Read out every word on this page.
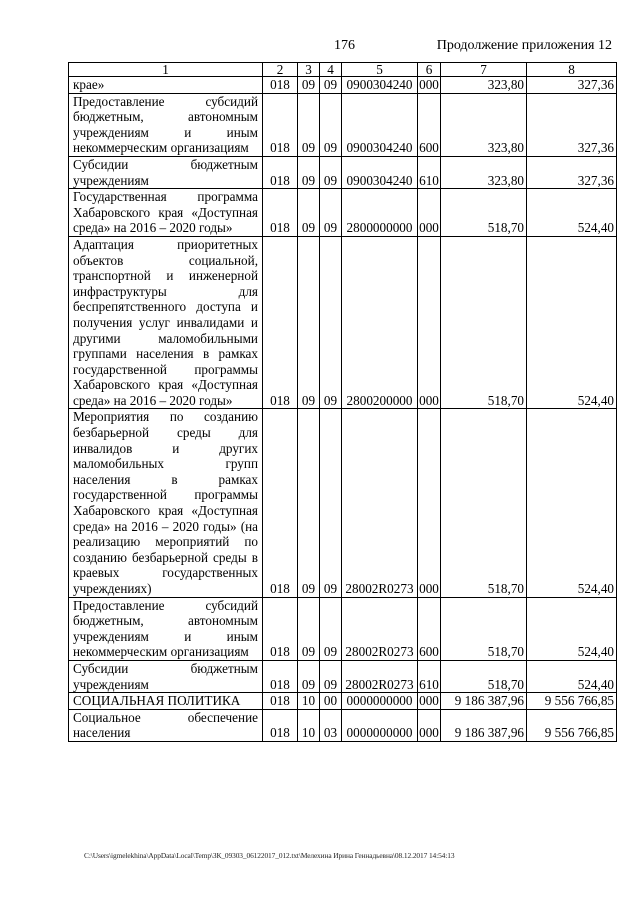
176	Продолжение приложения 12
1	2	3	4	5	6	7	8
крае»	018	09	09	0900304240	000	323,80	327,36
Предоставление субсидий бюджетным, автономным учреждениям и иным некоммерческим организациям	018	09	09	0900304240	600	323,80	327,36
Субсидии бюджетным учреждениям	018	09	09	0900304240	610	323,80	327,36
Государственная программа Хабаровского края «Доступная среда» на 2016 – 2020 годы»	018	09	09	2800000000	000	518,70	524,40
Адаптация приоритетных объектов социальной, транспортной и инженерной инфраструктуры для беспрепятственного доступа и получения услуг инвалидами и другими маломобильными группами населения в рамках государственной программы Хабаровского края «Доступная среда» на 2016 – 2020 годы»	018	09	09	2800200000	000	518,70	524,40
Мероприятия по созданию безбарьерной среды для инвалидов и других маломобильных групп населения в рамках государственной программы Хабаровского края «Доступная среда» на 2016 – 2020 годы» (на реализацию мероприятий по созданию безбарьерной среды в краевых государственных учреждениях)	018	09	09	28002R0273	000	518,70	524,40
Предоставление субсидий бюджетным, автономным учреждениям и иным некоммерческим организациям	018	09	09	28002R0273	600	518,70	524,40
Субсидии бюджетным учреждениям	018	09	09	28002R0273	610	518,70	524,40
СОЦИАЛЬНАЯ ПОЛИТИКА	018	10	00	0000000000	000	9 186 387,96	9 556 766,85
Социальное обеспечение населения	018	10	03	0000000000	000	9 186 387,96	9 556 766,85
C:\Users\igmelekhina\AppData\Local\Temp\ЗК_09303_06122017_012.txt\Мелехина Ирина Геннадьевна\08.12.2017 14:54:13
